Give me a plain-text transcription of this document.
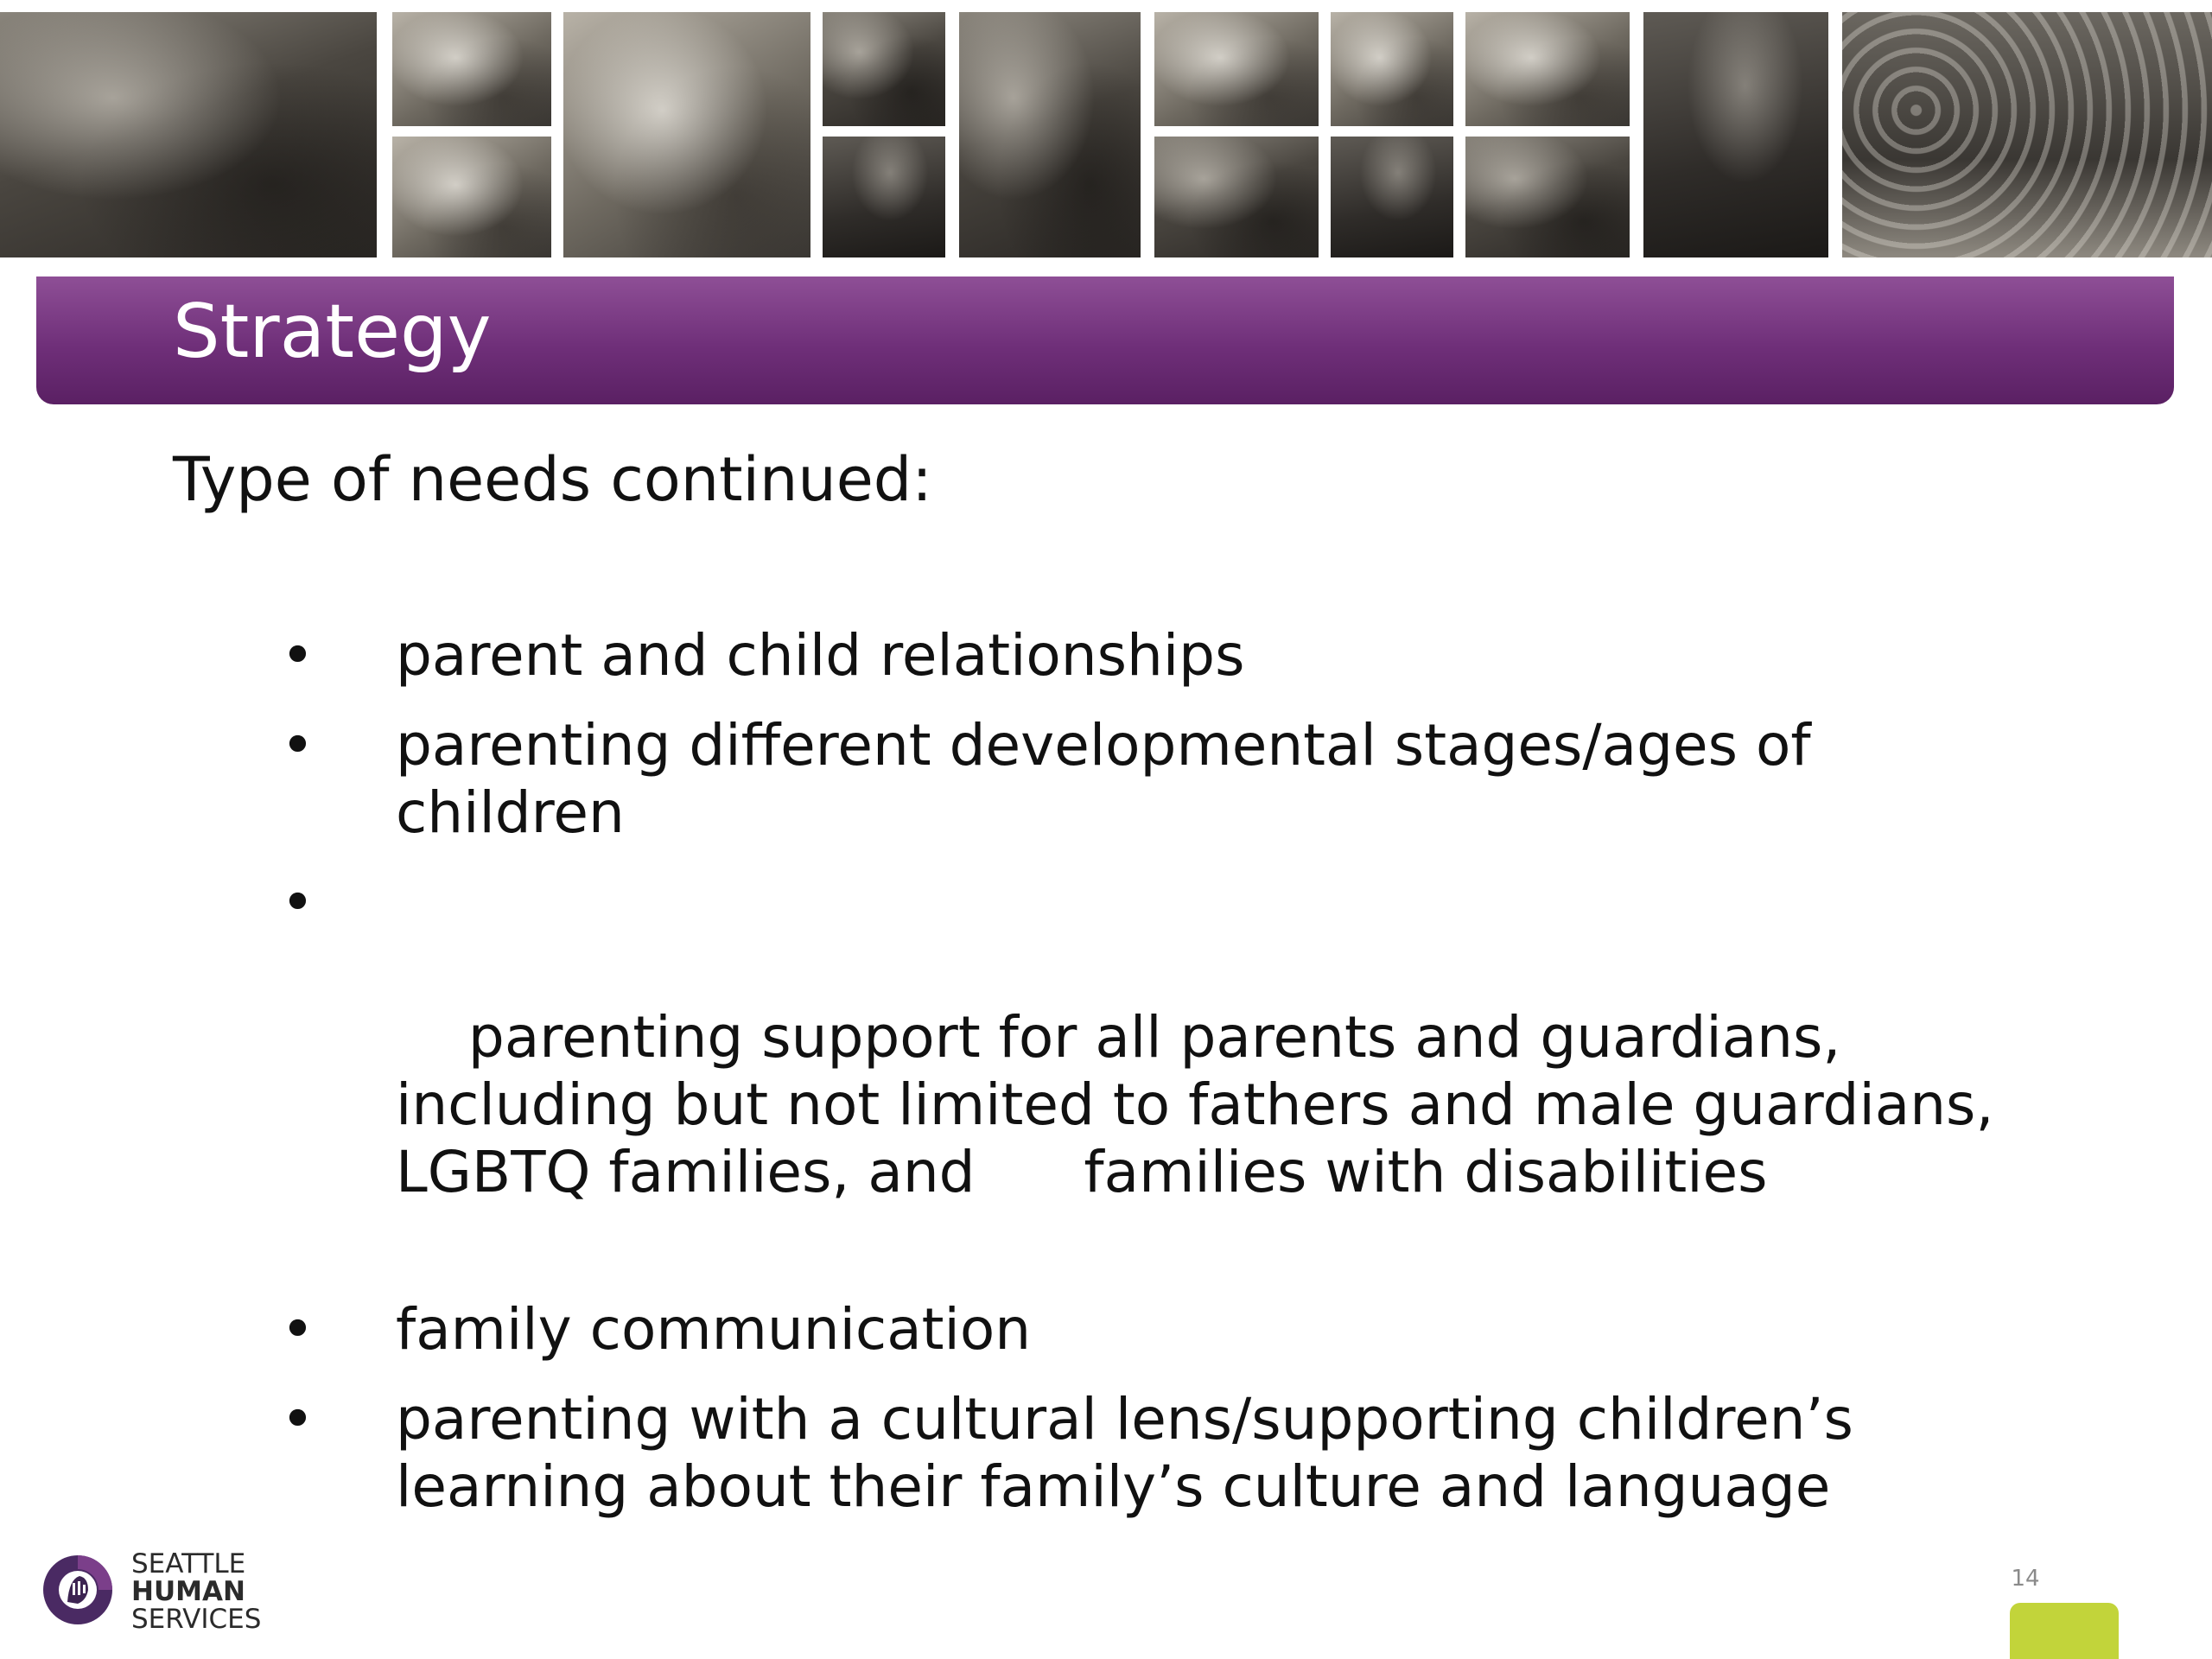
Strategy

Type of needs continued:

• parent and child relationships
• parenting different developmental stages/ages of children

•

parenting support for all parents and guardians, including but not limited to fathers and male guardians, LGBTQ families, and      families with disabilities

• family communication
• parenting with a cultural lens/supporting children’s learning about their family’s culture and language
SEATTLE
HUMAN
SERVICES
14
